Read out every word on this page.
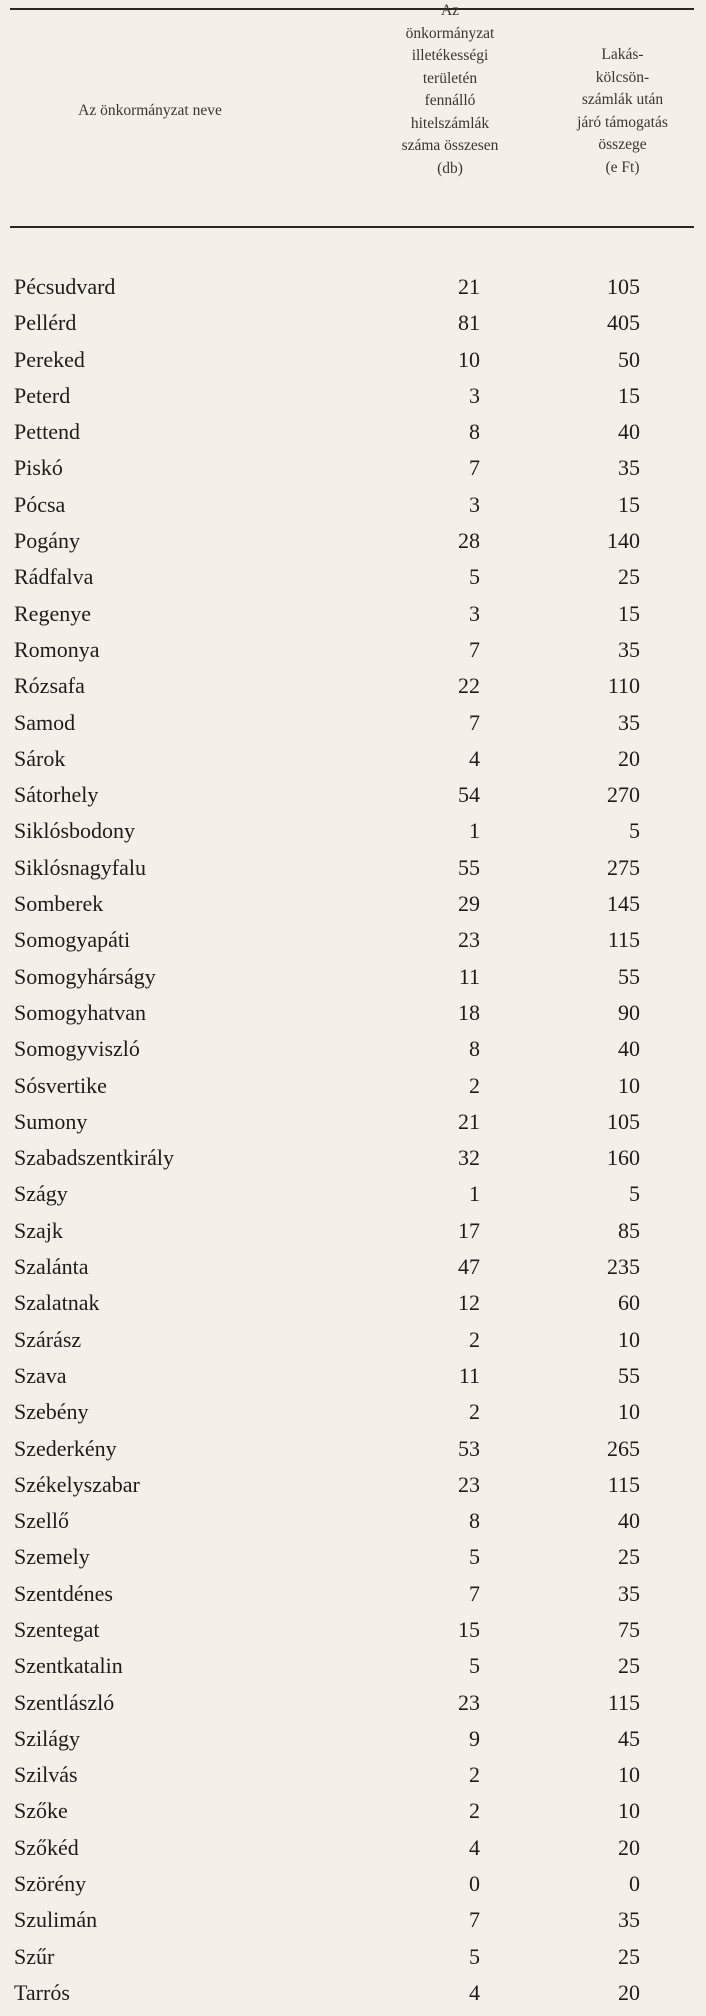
Az önkormányzat neve
Az
önkormányzat
illetékességi
területén
fennálló
hitelszámlák
száma összesen
(db)
Lakás-
kölcsön-
számlák után
járó támogatás
összege
(e Ft)
Pécsudvard	21	105
Pellérd	81	405
Pereked	10	50
Peterd	3	15
Pettend	8	40
Piskó	7	35
Pócsa	3	15
Pogány	28	140
Rádfalva	5	25
Regenye	3	15
Romonya	7	35
Rózsafa	22	110
Samod	7	35
Sárok	4	20
Sátorhely	54	270
Siklósbodony	1	5
Siklósnagyfalu	55	275
Somberek	29	145
Somogyapáti	23	115
Somogyhárságy	11	55
Somogyhatvan	18	90
Somogyviszló	8	40
Sósvertike	2	10
Sumony	21	105
Szabadszentkirály	32	160
Szágy	1	5
Szajk	17	85
Szalánta	47	235
Szalatnak	12	60
Szárász	2	10
Szava	11	55
Szebény	2	10
Szederkény	53	265
Székelyszabar	23	115
Szellő	8	40
Szemely	5	25
Szentdénes	7	35
Szentegat	15	75
Szentkatalin	5	25
Szentlászló	23	115
Szilágy	9	45
Szilvás	2	10
Szőke	2	10
Szőkéd	4	20
Szörény	0	0
Szulimán	7	35
Szűr	5	25
Tarrós	4	20
